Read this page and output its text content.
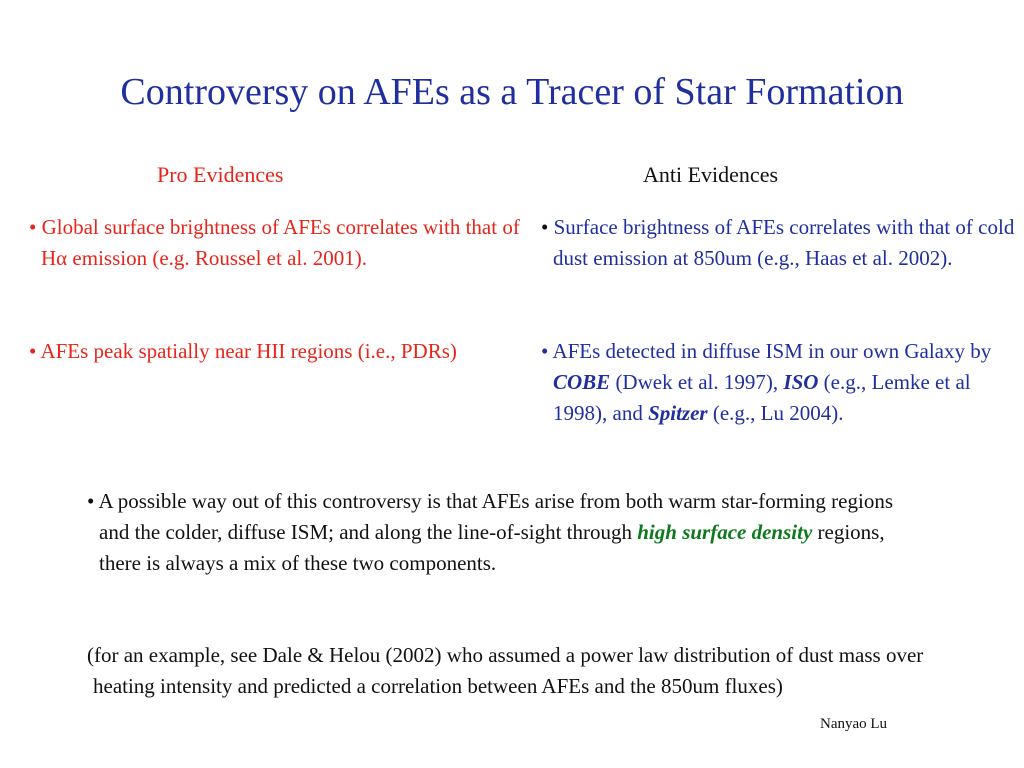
Controversy on AFEs as a Tracer of Star Formation
Pro Evidences	Anti Evidences
• Global surface brightness of AFEs correlates with that of Hα emission (e.g. Roussel et al. 2001).
• AFEs peak spatially near HII regions (i.e., PDRs)
• Surface brightness of AFEs correlates with that of cold dust emission at 850um (e.g., Haas et al. 2002).
• AFEs detected in diffuse ISM in our own Galaxy by COBE (Dwek et al. 1997), ISO (e.g., Lemke et al 1998), and Spitzer (e.g., Lu 2004).
• A possible way out of this controversy is that AFEs arise from both warm star-forming regions and the colder, diffuse ISM; and along the line-of-sight through high surface density regions, there is always a mix of these two components.
(for an example, see Dale & Helou (2002) who assumed a power law distribution of dust mass over heating intensity and predicted a correlation between AFEs and the 850um fluxes)
Nanyao Lu
